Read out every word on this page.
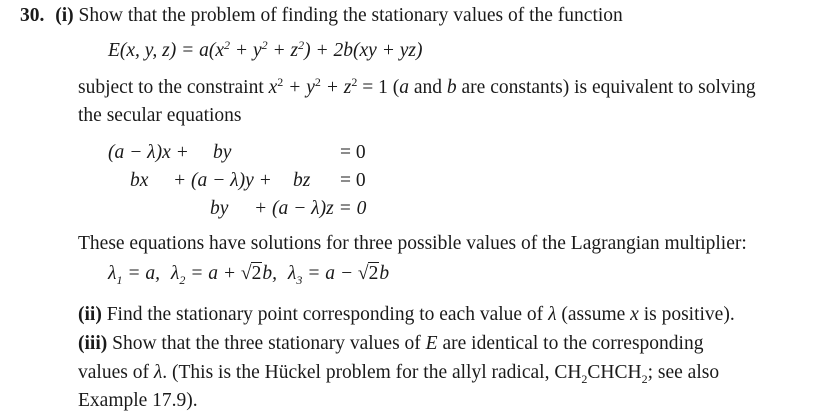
30. (i) Show that the problem of finding the stationary values of the function
E(x, y, $z) = a(x^2 + y^2 + z^2) + 2b(xy + yz)$
subject to the constraint $x^2 + y^2 + z^2 = 1$ (a and b are constants) is equivalent to solving
the secular equations
(a − λ)x + by	= 0
bx + (a − λ)y + bz = 0
by + (a − λ)z = 0
These equations have solutions for three possible values of the Lagrangian multiplier:
$\lambda_1 = a$, $\lambda_2 = a + √2b$, $\lambda_3 = a - √2b$
(ii) Find the stationary point corresponding to each value of λ (assume x is positive).
(iii) Show that the three stationary values of E are identical to the corresponding
values of λ. (This is the Hückel problem for the allyl radical, $CH_2CHCH_2$; see also
Example 17.9).
